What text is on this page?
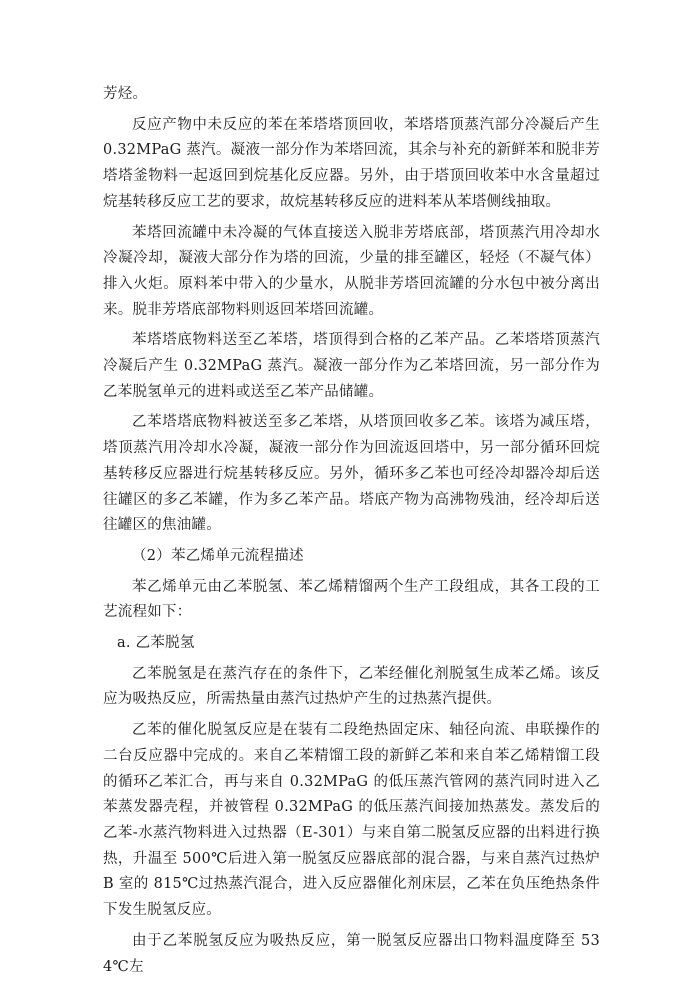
芳烃。

反应产物中未反应的苯在苯塔塔顶回收，苯塔塔顶蒸汽部分冷凝后产生0.32MPaG 蒸汽。凝液一部分作为苯塔回流，其余与补充的新鲜苯和脱非芳塔塔釜物料一起返回到烷基化反应器。另外，由于塔顶回收苯中水含量超过烷基转移反应工艺的要求，故烷基转移反应的进料苯从苯塔侧线抽取。

苯塔回流罐中未冷凝的气体直接送入脱非芳塔底部，塔顶蒸汽用冷却水冷凝冷却，凝液大部分作为塔的回流，少量的排至罐区，轻烃（不凝气体）排入火炬。原料苯中带入的少量水，从脱非芳塔回流罐的分水包中被分离出来。脱非芳塔底部物料则返回苯塔回流罐。

苯塔塔底物料送至乙苯塔，塔顶得到合格的乙苯产品。乙苯塔塔顶蒸汽冷凝后产生 0.32MPaG 蒸汽。凝液一部分作为乙苯塔回流，另一部分作为乙苯脱氢单元的进料或送至乙苯产品储罐。

乙苯塔塔底物料被送至多乙苯塔，从塔顶回收多乙苯。该塔为减压塔，塔顶蒸汽用冷却水冷凝，凝液一部分作为回流返回塔中，另一部分循环回烷基转移反应器进行烷基转移反应。另外，循环多乙苯也可经冷却器冷却后送往罐区的多乙苯罐，作为多乙苯产品。塔底产物为高沸物残油，经冷却后送往罐区的焦油罐。

（2）苯乙烯单元流程描述

苯乙烯单元由乙苯脱氢、苯乙烯精馏两个生产工段组成，其各工段的工艺流程如下：

a. 乙苯脱氢

乙苯脱氢是在蒸汽存在的条件下，乙苯经催化剂脱氢生成苯乙烯。该反应为吸热反应，所需热量由蒸汽过热炉产生的过热蒸汽提供。

乙苯的催化脱氢反应是在装有二段绝热固定床、轴径向流、串联操作的二台反应器中完成的。来自乙苯精馏工段的新鲜乙苯和来自苯乙烯精馏工段的循环乙苯汇合，再与来自 0.32MPaG 的低压蒸汽管网的蒸汽同时进入乙苯蒸发器壳程，并被管程 0.32MPaG 的低压蒸汽间接加热蒸发。蒸发后的乙苯-水蒸汽物料进入过热器（E-301）与来自第二脱氢反应器的出料进行换热，升温至 500℃后进入第一脱氢反应器底部的混合器，与来自蒸汽过热炉 B 室的 815℃过热蒸汽混合，进入反应器催化剂床层，乙苯在负压绝热条件下发生脱氢反应。

由于乙苯脱氢反应为吸热反应，第一脱氢反应器出口物料温度降至 534℃左
